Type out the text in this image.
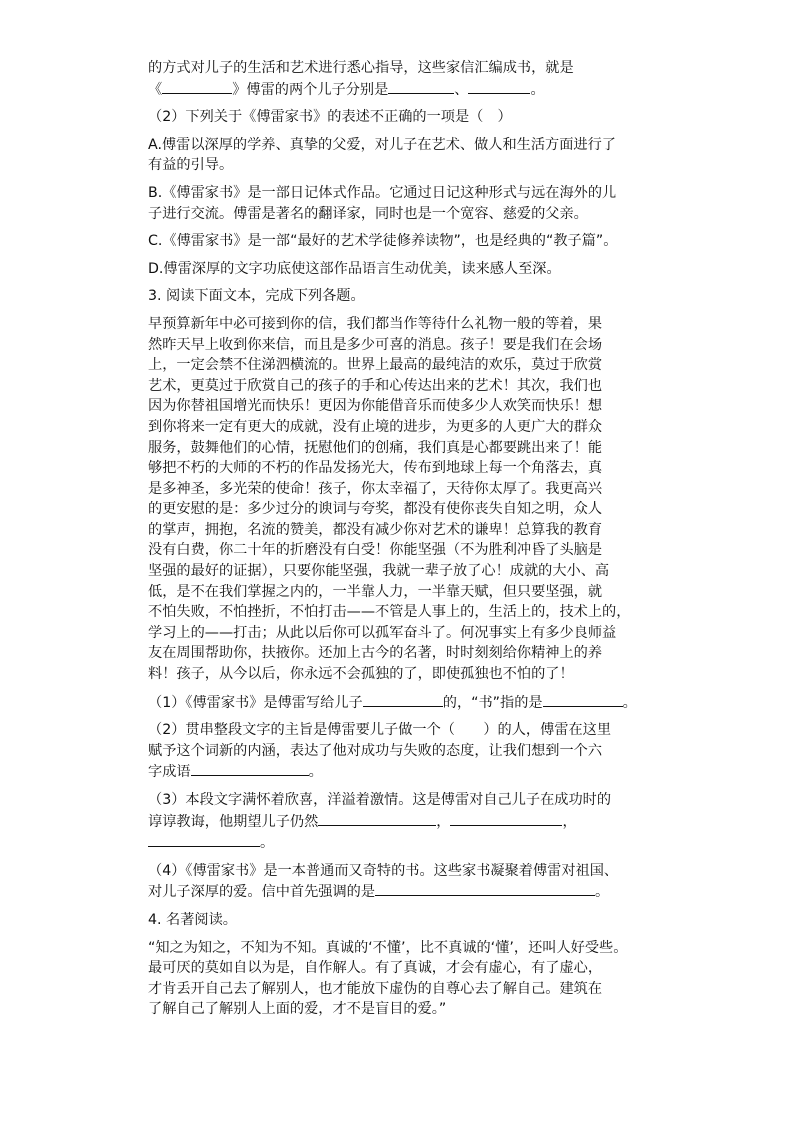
的方式对儿子的生活和艺术进行悉心指导，这些家信汇编成书，就是
《	》傅雷的两个儿子分别是	、	。
（2）下列关于《傅雷家书》的表述不正确的一项是（　）
A.傅雷以深厚的学养、真挚的父爱，对儿子在艺术、做人和生活方面进行了
有益的引导。
B.《傅雷家书》是一部日记体式作品。它通过日记这种形式与远在海外的儿
子进行交流。傅雷是著名的翻译家，同时也是一个宽容、慈爱的父亲。
C.《傅雷家书》是一部“最好的艺术学徒修养读物”，也是经典的“教子篇”。
D.傅雷深厚的文字功底使这部作品语言生动优美，读来感人至深。
3. 阅读下面文本，完成下列各题。
早预算新年中必可接到你的信，我们都当作等待什么礼物一般的等着，果
然昨天早上收到你来信，而且是多少可喜的消息。孩子！要是我们在会场
上，一定会禁不住涕泗横流的。世界上最高的最纯洁的欢乐，莫过于欣赏
艺术，更莫过于欣赏自己的孩子的手和心传达出来的艺术！其次，我们也
因为你替祖国增光而快乐！更因为你能借音乐而使多少人欢笑而快乐！想
到你将来一定有更大的成就，没有止境的进步，为更多的人更广大的群众
服务，鼓舞他们的心情，抚慰他们的创痛，我们真是心都要跳出来了！能
够把不朽的大师的不朽的作品发扬光大，传布到地球上每一个角落去，真
是多神圣，多光荣的使命！孩子，你太幸福了，天待你太厚了。我更高兴
的更安慰的是：多少过分的谀词与夸奖，都没有使你丧失自知之明，众人
的掌声，拥抱，名流的赞美，都没有减少你对艺术的谦卑！总算我的教育
没有白费，你二十年的折磨没有白受！你能坚强（不为胜利冲昏了头脑是
坚强的最好的证据），只要你能坚强，我就一辈子放了心！成就的大小、高
低，是不在我们掌握之内的，一半靠人力，一半靠天赋，但只要坚强，就
不怕失败，不怕挫折，不怕打击——不管是人事上的，生活上的，技术上的，
学习上的——打击；从此以后你可以孤军奋斗了。何况事实上有多少良师益
友在周围帮助你，扶掖你。还加上古今的名著，时时刻刻给你精神上的养
料！孩子，从今以后，你永远不会孤独的了，即使孤独也不怕的了！
（1）《傅雷家书》是傅雷写给儿子	的，“书”指的是	。
（2）贯串整段文字的主旨是傅雷要儿子做一个（　　）的人，傅雷在这里
赋予这个词新的内涵，表达了他对成功与失败的态度，让我们想到一个六
字成语	。
（3）本段文字满怀着欣喜，洋溢着激情。这是傅雷对自己儿子在成功时的
谆谆教诲，他期望儿子仍然	，	，
。
（4）《傅雷家书》是一本普通而又奇特的书。这些家书凝聚着傅雷对祖国、
对儿子深厚的爱。信中首先强调的是	。
4. 名著阅读。
“知之为知之，不知为不知。真诚的‘不懂’，比不真诚的‘懂’，还叫人好受些。
最可厌的莫如自以为是，自作解人。有了真诚，才会有虚心，有了虚心，
才肯丢开自己去了解别人，也才能放下虚伪的自尊心去了解自己。建筑在
了解自己了解别人上面的爱，才不是盲目的爱。”
